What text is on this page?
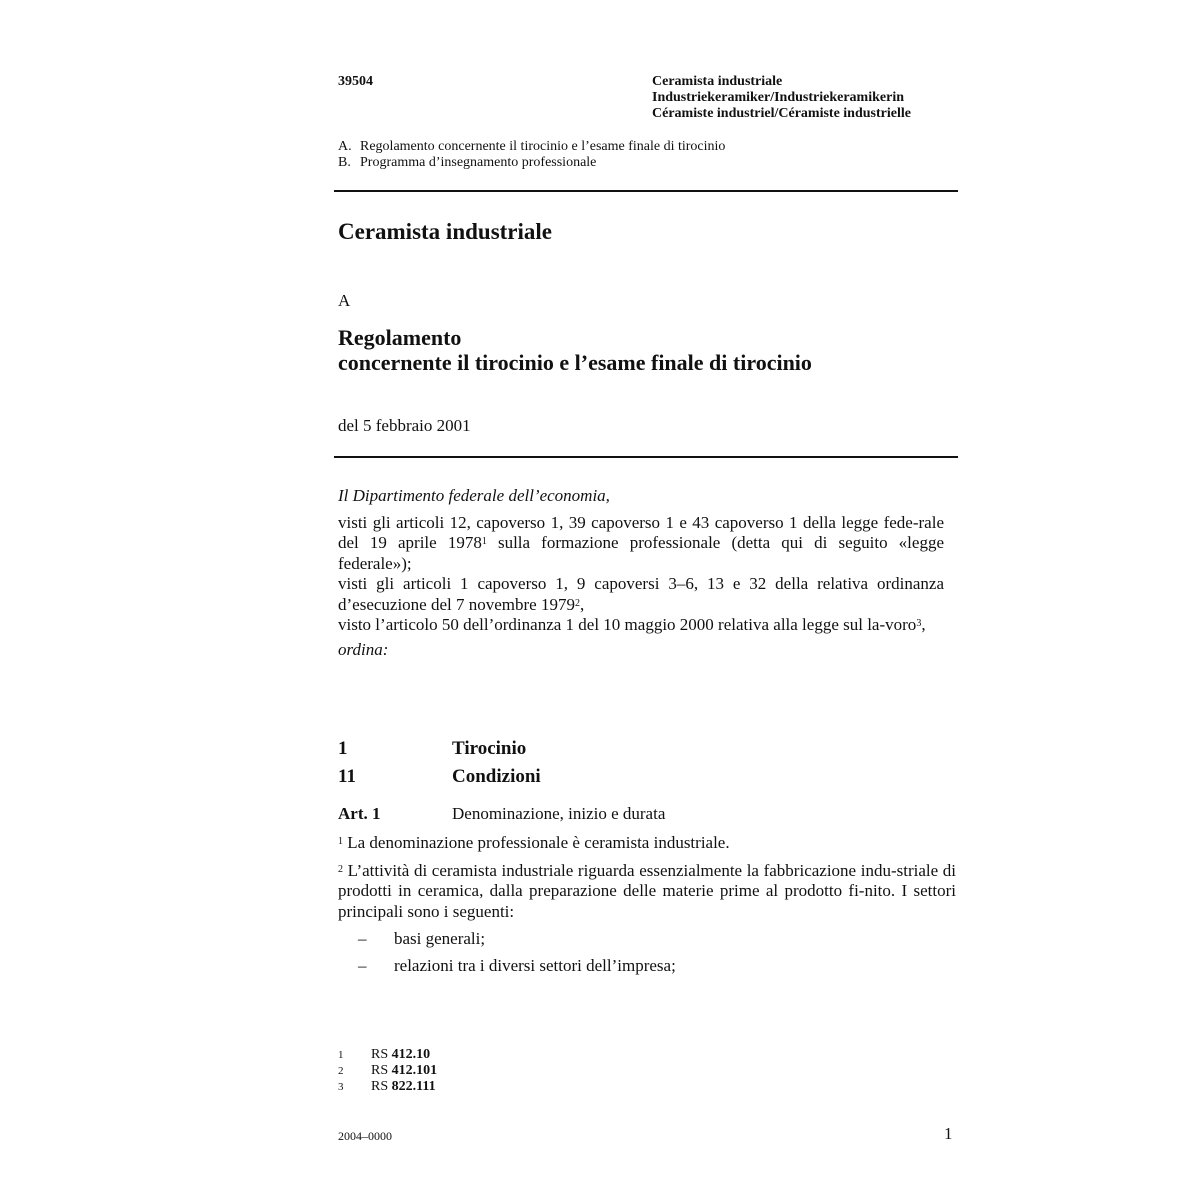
39504	Ceramista industriale
Industriekeramiker/Industriekeramikerin
Céramiste industriel/Céramiste industrielle
A. Regolamento concernente il tirocinio e l’esame finale di tirocinio
B. Programma d’insegnamento professionale
Ceramista industriale
A
Regolamento
concernente il tirocinio e l’esame finale di tirocinio
del 5 febbraio 2001
Il Dipartimento federale dell’economia,

visti gli articoli 12, capoverso 1, 39 capoverso 1 e 43 capoverso 1 della legge fede-rale del 19 aprile 1978$^1$ sulla formazione professionale (detta qui di seguito «legge federale»);

visti gli articoli 1 capoverso 1, 9 capoversi 3–6, 13 e 32 della relativa ordinanza d’esecuzione del 7 novembre 1979$^2$,

visto l’articolo 50 dell’ordinanza 1 del 10 maggio 2000 relativa alla legge sul la-voro$^3$,

ordina:
1	Tirocinio
11	Condizioni
Art. 1	Denominazione, inizio e durata

$^1$ La denominazione professionale è ceramista industriale.

$^2$ L’attività di ceramista industriale riguarda essenzialmente la fabbricazione indu-striale di prodotti in ceramica, dalla preparazione delle materie prime al prodotto fi-nito. I settori principali sono i seguenti:

–	basi generali;
–	relazioni tra i diversi settori dell’impresa;
1	RS 412.10
2	RS 412.101
3	RS 822.111
2004–0000	1
